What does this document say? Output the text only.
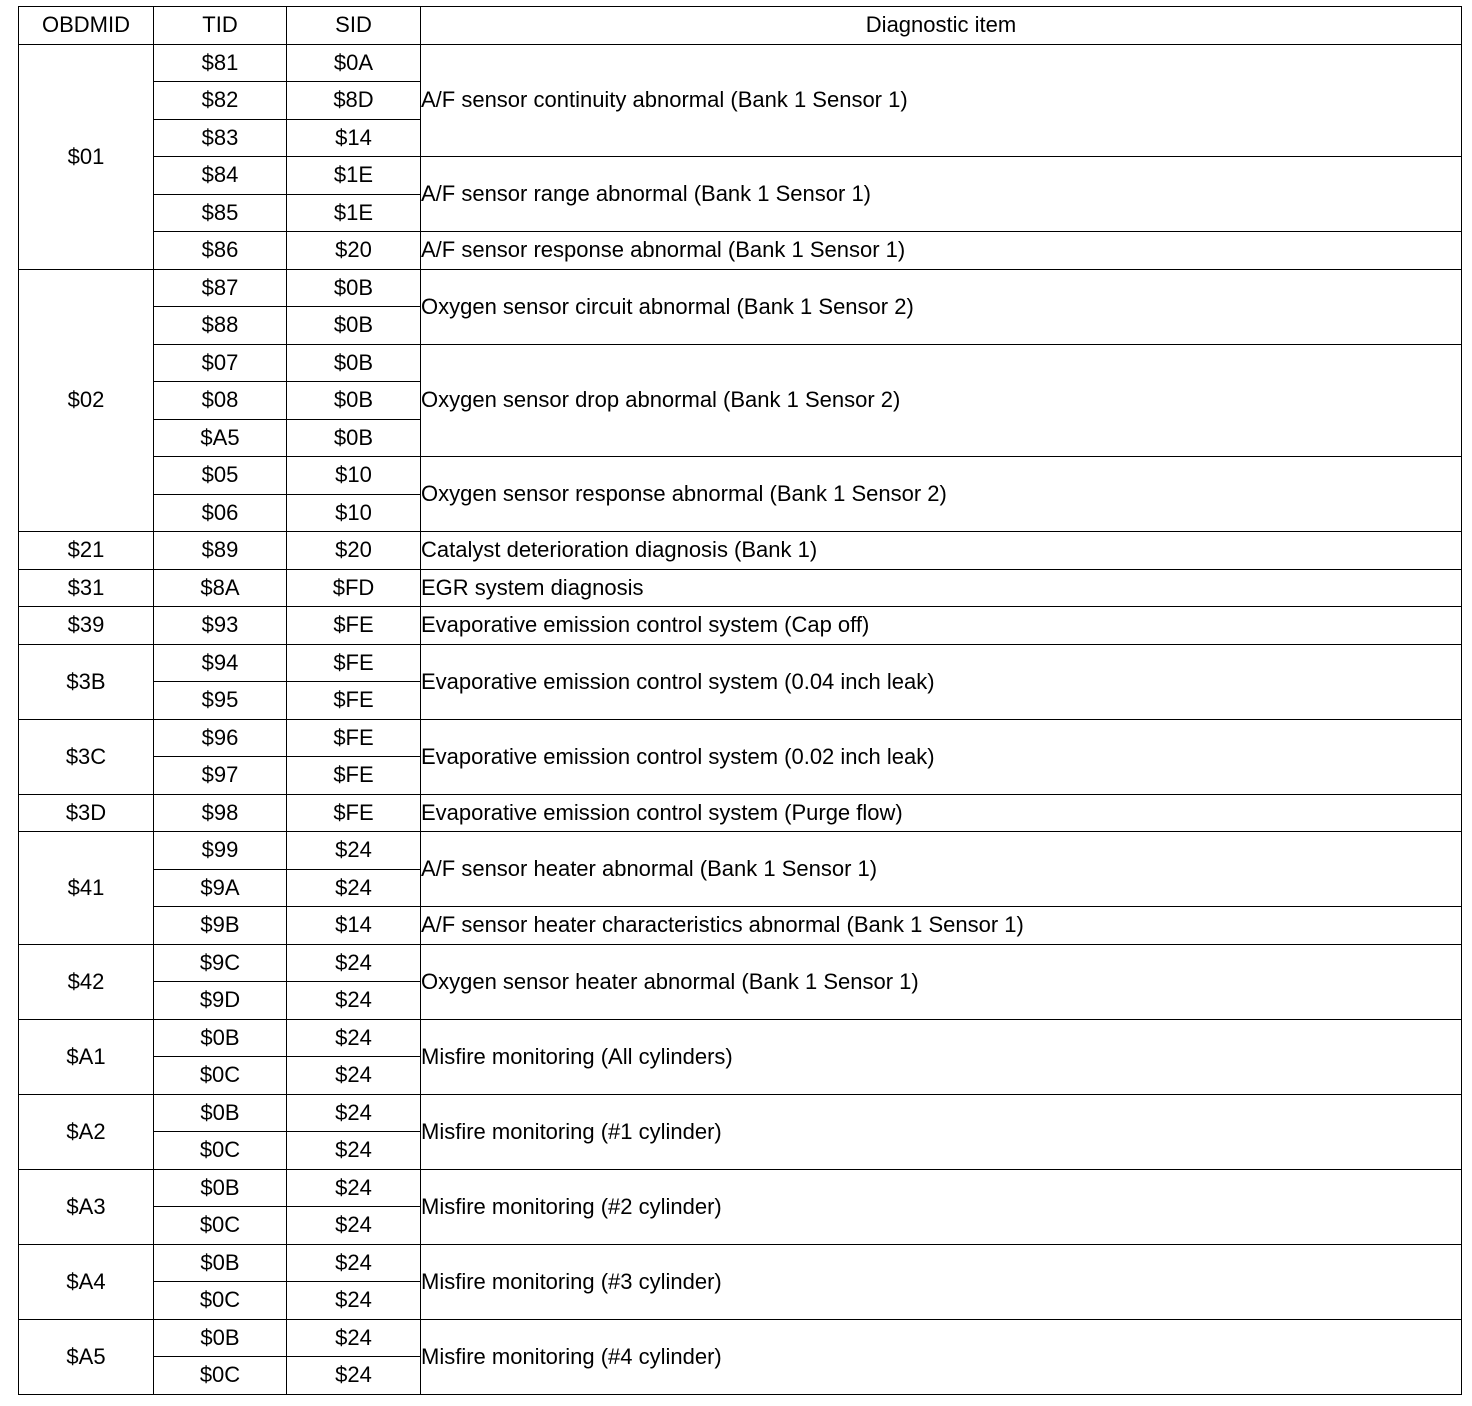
OBDMID	TID	SID	Diagnostic item
$01	$81	$0A	A/F sensor continuity abnormal (Bank 1 Sensor 1)
	$82	$8D	
	$83	$14	
	$84	$1E	A/F sensor range abnormal (Bank 1 Sensor 1)
	$85	$1E	
	$86	$20	A/F sensor response abnormal (Bank 1 Sensor 1)
$02	$87	$0B	Oxygen sensor circuit abnormal (Bank 1 Sensor 2)
	$88	$0B	
	$07	$0B	Oxygen sensor drop abnormal (Bank 1 Sensor 2)
	$08	$0B	
	$A5	$0B	
	$05	$10	Oxygen sensor response abnormal (Bank 1 Sensor 2)
	$06	$10	
$21	$89	$20	Catalyst deterioration diagnosis (Bank 1)
$31	$8A	$FD	EGR system diagnosis
$39	$93	$FE	Evaporative emission control system (Cap off)
$3B	$94	$FE	Evaporative emission control system (0.04 inch leak)
	$95	$FE	
$3C	$96	$FE	Evaporative emission control system (0.02 inch leak)
	$97	$FE	
$3D	$98	$FE	Evaporative emission control system (Purge flow)
$41	$99	$24	A/F sensor heater abnormal (Bank 1 Sensor 1)
	$9A	$24	
	$9B	$14	A/F sensor heater characteristics abnormal (Bank 1 Sensor 1)
$42	$9C	$24	Oxygen sensor heater abnormal (Bank 1 Sensor 1)
	$9D	$24	
$A1	$0B	$24	Misfire monitoring (All cylinders)
	$0C	$24	
$A2	$0B	$24	Misfire monitoring (#1 cylinder)
	$0C	$24	
$A3	$0B	$24	Misfire monitoring (#2 cylinder)
	$0C	$24	
$A4	$0B	$24	Misfire monitoring (#3 cylinder)
	$0C	$24	
$A5	$0B	$24	Misfire monitoring (#4 cylinder)
	$0C	$24	
